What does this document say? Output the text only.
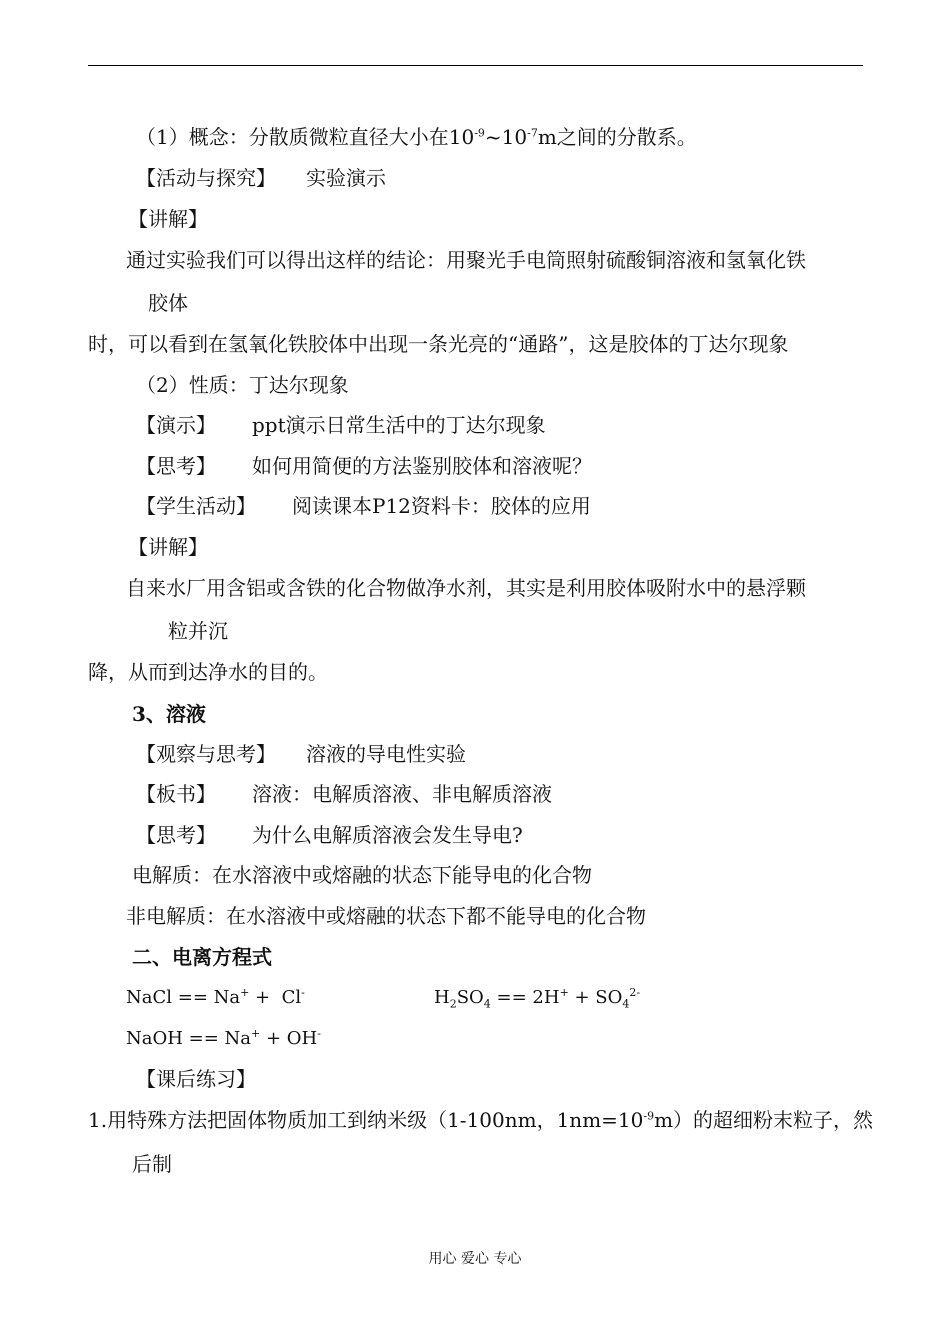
（1）概念：分散质微粒直径大小在$10^{-9}\sim 10^{-7}m$之间的分散系。
【活动与探究】 实验演示
【讲解】
通过实验我们可以得出这样的结论：用聚光手电筒照射硫酸铜溶液和氢氧化铁
胶体
时，可以看到在氢氧化铁胶体中出现一条光亮的“通路”，这是胶体的丁达尔现象
（2）性质：丁达尔现象
【演示】 ppt演示日常生活中的丁达尔现象
【思考】 如何用简便的方法鉴别胶体和溶液呢？
【学生活动】 阅读课本P12资料卡：胶体的应用
【讲解】
自来水厂用含铝或含铁的化合物做净水剂，其实是利用胶体吸附水中的悬浮颗
粒并沉
降，从而到达净水的目的。
3、溶液
【观察与思考】 溶液的导电性实验
【板书】 溶液：电解质溶液、非电解质溶液
【思考】 为什么电解质溶液会发生导电?
电解质：在水溶液中或熔融的状态下能导电的化合物
非电解质：在水溶液中或熔融的状态下都不能导电的化合物
二、电离方程式
NaCl == Na+ +  Cl-	$H_2SO_4 == 2H^+ + SO_4^{2-}$
NaOH == Na+ + OH-
【课后练习】
1.用特殊方法把固体物质加工到纳米级（1-100nm，$1nm=10^{-9}m$）的超细粉末粒子，然
后制
用心 爱心 专心
